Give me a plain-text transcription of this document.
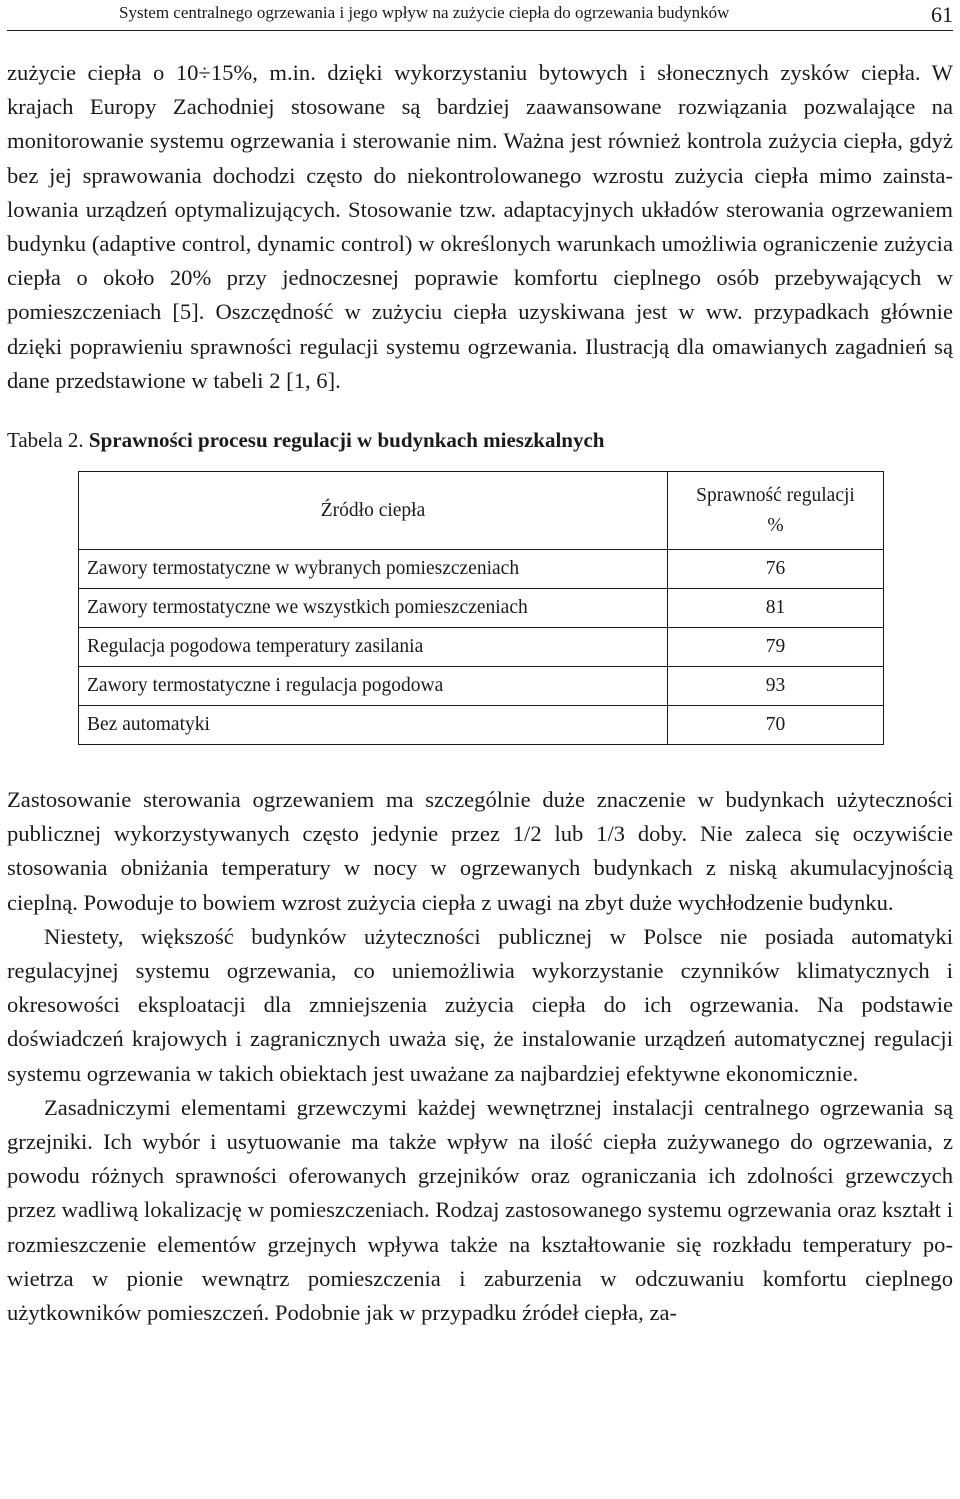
System centralnego ogrzewania i jego wpływ na zużycie ciepła do ogrzewania budynków	61

zużycie ciepła o 10÷15%, m.in. dzięki wykorzystaniu bytowych i słonecznych zysków ciepła. W krajach Europy Zachodniej stosowane są bardziej zaawansowane rozwiązania pozwalające na monitorowanie systemu ogrzewania i sterowanie nim. Ważna jest również kontrola zużycia ciepła, gdyż bez jej sprawowania dochodzi często do niekontrolowanego wzrostu zużycia ciepła mimo zainstalowania urządzeń optymalizujących. Stosowanie tzw. adaptacyjnych układów sterowania ogrzewaniem budynku (adaptive control, dynamic control) w określonych warunkach umożliwia ograniczenie zużycia ciepła o około 20% przy jednoczesnej poprawie komfortu cieplnego osób przebywających w pomieszczeniach [5]. Oszczędność w zużyciu ciepła uzyskiwana jest w ww. przypadkach głównie dzięki poprawieniu sprawności regulacji systemu ogrzewania. Ilustracją dla omawianych zagadnień są dane przedstawione w tabeli 2 [1, 6].

Tabela 2. Sprawności procesu regulacji w budynkach mieszkalnych

Źródło ciepła	Sprawność regulacji
%
Zawory termostatyczne w wybranych pomieszczeniach	76
Zawory termostatyczne we wszystkich pomieszczeniach	81
Regulacja pogodowa temperatury zasilania	79
Zawory termostatyczne i regulacja pogodowa	93
Bez automatyki	70

Zastosowanie sterowania ogrzewaniem ma szczególnie duże znaczenie w budynkach użyteczności publicznej wykorzystywanych często jedynie przez 1/2 lub 1/3 doby. Nie zaleca się oczywiście stosowania obniżania temperatury w nocy w ogrzewanych budynkach z niską akumulacyjnością cieplną. Powoduje to bowiem wzrost zużycia ciepła z uwagi na zbyt duże wychłodzenie budynku.

Niestety, większość budynków użyteczności publicznej w Polsce nie posiada automatyki regulacyjnej systemu ogrzewania, co uniemożliwia wykorzystanie czynników klimatycznych i okresowości eksploatacji dla zmniejszenia zużycia ciepła do ich ogrzewania. Na podstawie doświadczeń krajowych i zagranicznych uważa się, że instalowanie urządzeń automatycznej regulacji systemu ogrzewania w takich obiektach jest uważane za najbardziej efektywne ekonomicznie.

Zasadniczymi elementami grzewczymi każdej wewnętrznej instalacji centralnego ogrzewania są grzejniki. Ich wybór i usytuowanie ma także wpływ na ilość ciepła zużywanego do ogrzewania, z powodu różnych sprawności oferowanych grzejników oraz ograniczania ich zdolności grzewczych przez wadliwą lokalizację w pomieszczeniach. Rodzaj zastosowanego systemu ogrzewania oraz kształt i rozmieszczenie elementów grzejnych wpływa także na kształtowanie się rozkładu temperatury powietrza w pionie wewnątrz pomieszczenia i zaburzenia w odczuwaniu komfortu cieplnego użytkowników pomieszczeń. Podobnie jak w przypadku źródeł ciepła, za-
